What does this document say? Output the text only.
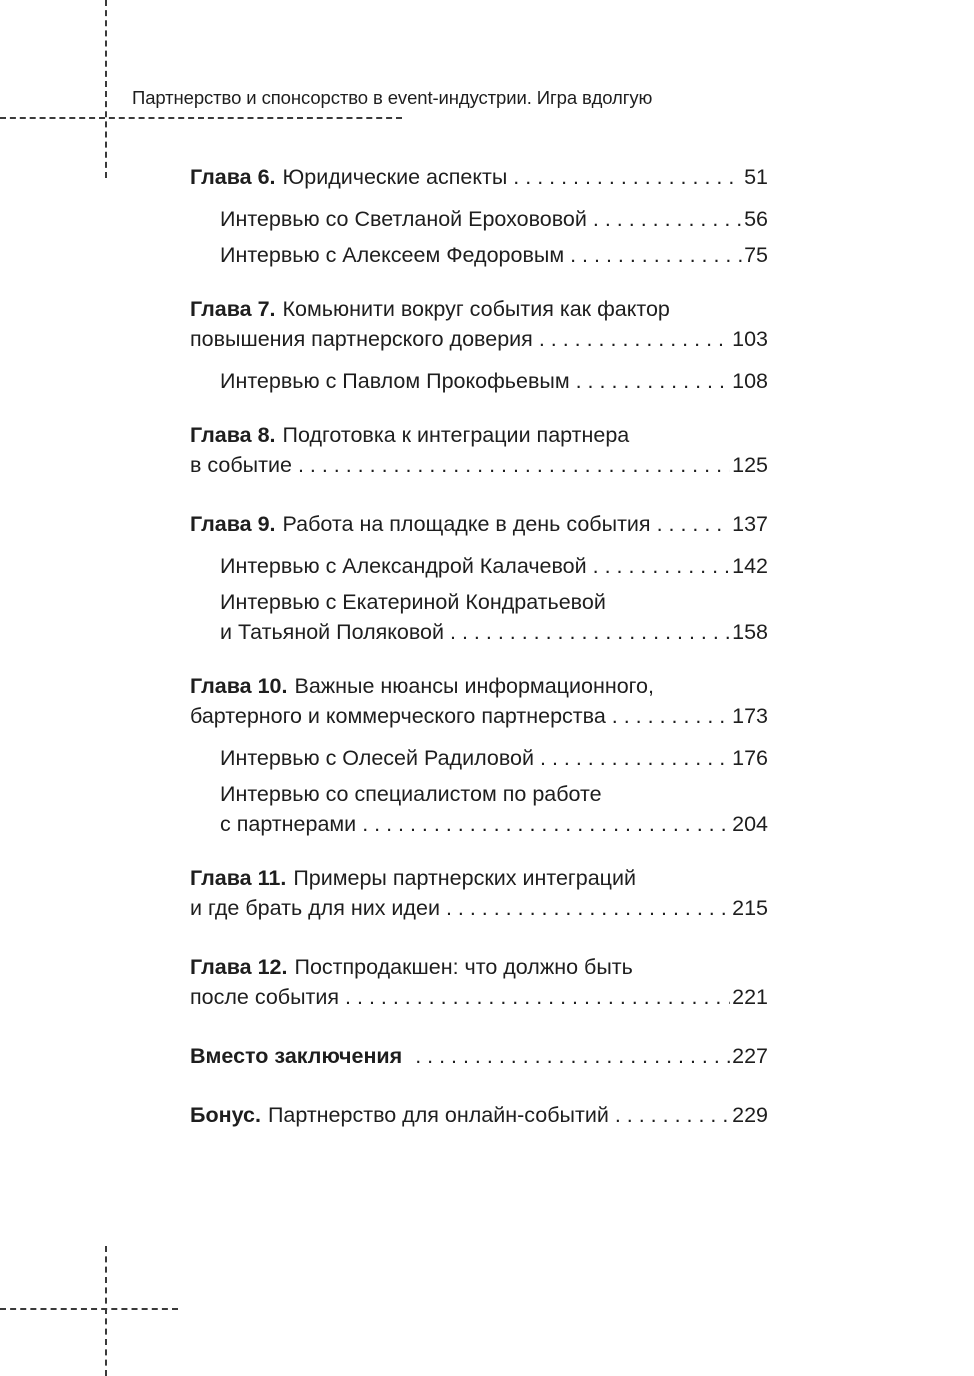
Партнерство и спонсорство в event-индустрии. Игра вдолгую
Глава 6. Юридические аспекты . . .	51
Интервью со Светланой Ерохововой . . .	56
Интервью с Алексеем Федоровым . . .	75
Глава 7. Комьюнити вокруг события как фактор
повышения партнерского доверия . . .	103
Интервью с Павлом Прокофьевым . . .	108
Глава 8. Подготовка к интеграции партнера
в событие . . .	125
Глава 9. Работа на площадке в день события . . .	137
Интервью с Александрой Калачевой . . .	142
Интервью с Екатериной Кондратьевой
и Татьяной Поляковой . . .	158
Глава 10. Важные нюансы информационного,
бартерного и коммерческого партнерства . . .	173
Интервью с Олесей Радиловой . . .	176
Интервью со специалистом по работе
с партнерами . . .	204
Глава 11. Примеры партнерских интеграций
и где брать для них идеи . . .	215
Глава 12. Постпродакшен: что должно быть
после события . . .	221
Вместо заключения . . .	227
Бонус. Партнерство для онлайн-событий . . .	229
